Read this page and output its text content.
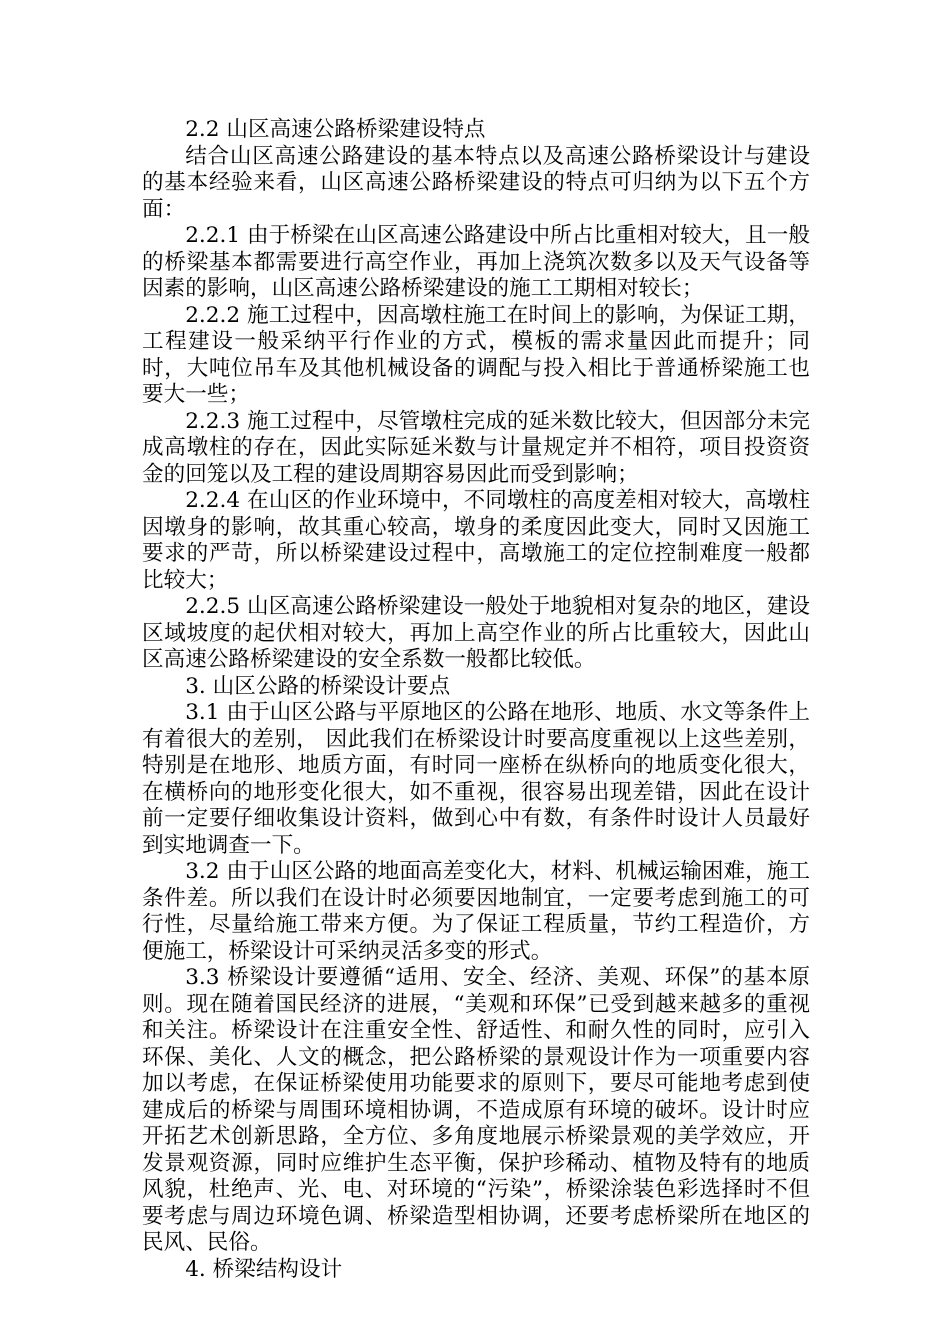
2.2 山区高速公路桥梁建设特点

结合山区高速公路建设的基本特点以及高速公路桥梁设计与建设的基本经验来看，山区高速公路桥梁建设的特点可归纳为以下五个方面：

2.2.1 由于桥梁在山区高速公路建设中所占比重相对较大，且一般的桥梁基本都需要进行高空作业，再加上浇筑次数多以及天气设备等因素的影响，山区高速公路桥梁建设的施工工期相对较长；

2.2.2 施工过程中，因高墩柱施工在时间上的影响，为保证工期，工程建设一般采纳平行作业的方式，模板的需求量因此而提升；同时，大吨位吊车及其他机械设备的调配与投入相比于普通桥梁施工也要大一些；

2.2.3 施工过程中，尽管墩柱完成的延米数比较大，但因部分未完成高墩柱的存在，因此实际延米数与计量规定并不相符，项目投资资金的回笼以及工程的建设周期容易因此而受到影响；

2.2.4 在山区的作业环境中，不同墩柱的高度差相对较大，高墩柱因墩身的影响，故其重心较高，墩身的柔度因此变大，同时又因施工要求的严苛，所以桥梁建设过程中，高墩施工的定位控制难度一般都比较大；

2.2.5 山区高速公路桥梁建设一般处于地貌相对复杂的地区，建设区域坡度的起伏相对较大，再加上高空作业的所占比重较大，因此山区高速公路桥梁建设的安全系数一般都比较低。

3. 山区公路的桥梁设计要点

3.1 由于山区公路与平原地区的公路在地形、地质、水文等条件上有着很大的差别， 因此我们在桥梁设计时要高度重视以上这些差别，特别是在地形、地质方面，有时同一座桥在纵桥向的地质变化很大，在横桥向的地形变化很大，如不重视，很容易出现差错，因此在设计前一定要仔细收集设计资料，做到心中有数，有条件时设计人员最好到实地调查一下。

3.2 由于山区公路的地面高差变化大，材料、机械运输困难，施工条件差。所以我们在设计时必须要因地制宜，一定要考虑到施工的可行性，尽量给施工带来方便。为了保证工程质量，节约工程造价，方便施工，桥梁设计可采纳灵活多变的形式。

3.3 桥梁设计要遵循“适用、安全、经济、美观、环保”的基本原则。现在随着国民经济的进展，“美观和环保”已受到越来越多的重视和关注。桥梁设计在注重安全性、舒适性、和耐久性的同时，应引入环保、美化、人文的概念，把公路桥梁的景观设计作为一项重要内容加以考虑，在保证桥梁使用功能要求的原则下，要尽可能地考虑到使建成后的桥梁与周围环境相协调，不造成原有环境的破坏。设计时应开拓艺术创新思路，全方位、多角度地展示桥梁景观的美学效应，开发景观资源，同时应维护生态平衡，保护珍稀动、植物及特有的地质风貌，杜绝声、光、电、对环境的“污染”，桥梁涂装色彩选择时不但要考虑与周边环境色调、桥梁造型相协调，还要考虑桥梁所在地区的民风、民俗。

4. 桥梁结构设计
